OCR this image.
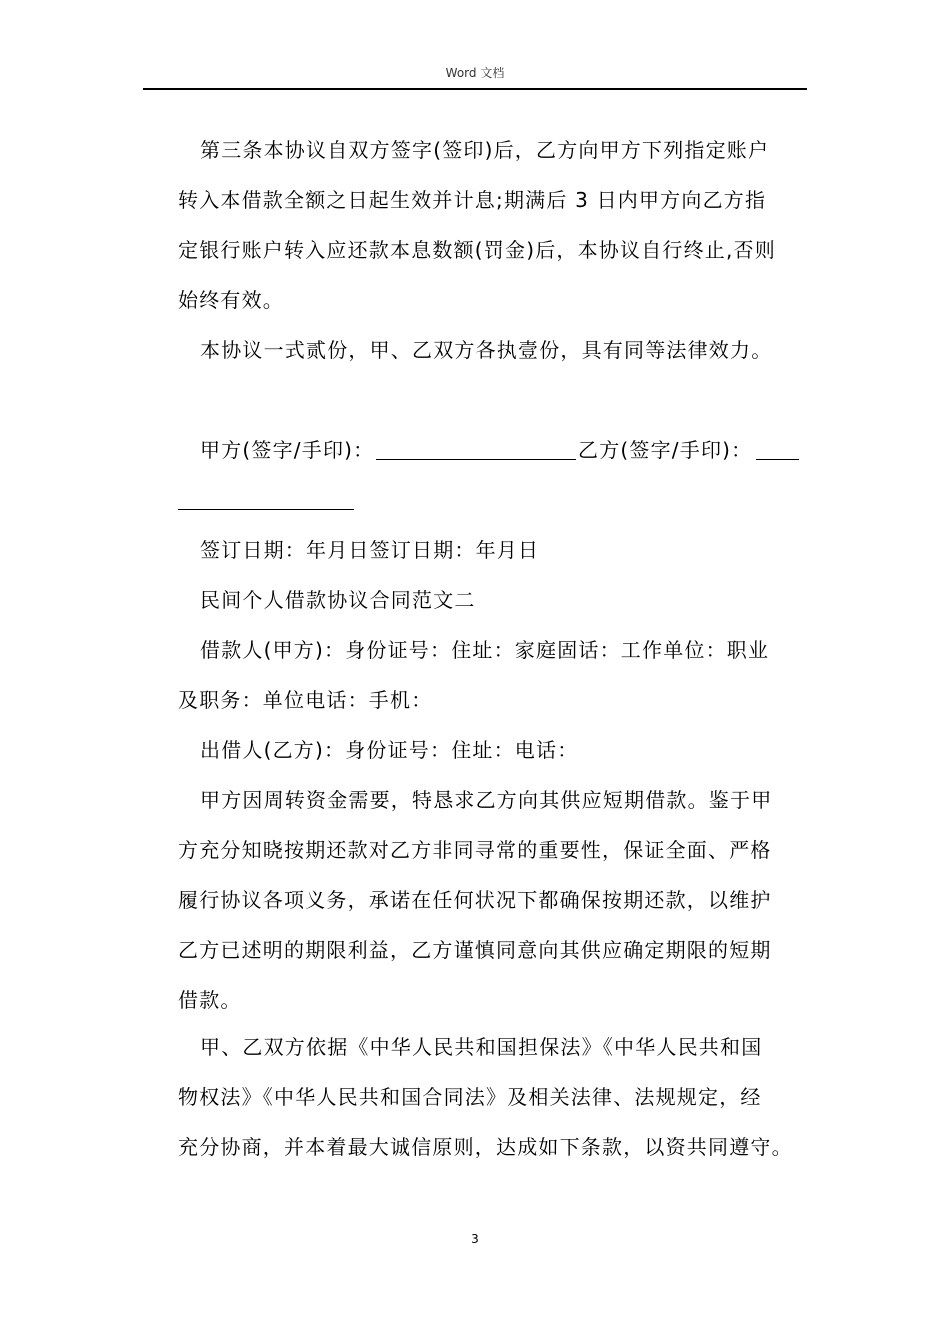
Word 文档
第三条本协议自双方签字(签印)后，乙方向甲方下列指定账户
转入本借款全额之日起生效并计息;期满后 3 日内甲方向乙方指
定银行账户转入应还款本息数额(罚金)后，本协议自行终止,否则
始终有效。
本协议一式贰份，甲、乙双方各执壹份，具有同等法律效力。
甲方(签字/手印)：	乙方(签字/手印)：
签订日期：年月日签订日期：年月日
民间个人借款协议合同范文二
借款人(甲方)：身份证号：住址：家庭固话：工作单位：职业
及职务：单位电话：手机：
出借人(乙方)：身份证号：住址：电话：
甲方因周转资金需要，特恳求乙方向其供应短期借款。鉴于甲
方充分知晓按期还款对乙方非同寻常的重要性，保证全面、严格
履行协议各项义务，承诺在任何状况下都确保按期还款，以维护
乙方已述明的期限利益，乙方谨慎同意向其供应确定期限的短期
借款。
甲、乙双方依据《中华人民共和国担保法》《中华人民共和国
物权法》《中华人民共和国合同法》及相关法律、法规规定，经
充分协商，并本着最大诚信原则，达成如下条款，以资共同遵守。
3
